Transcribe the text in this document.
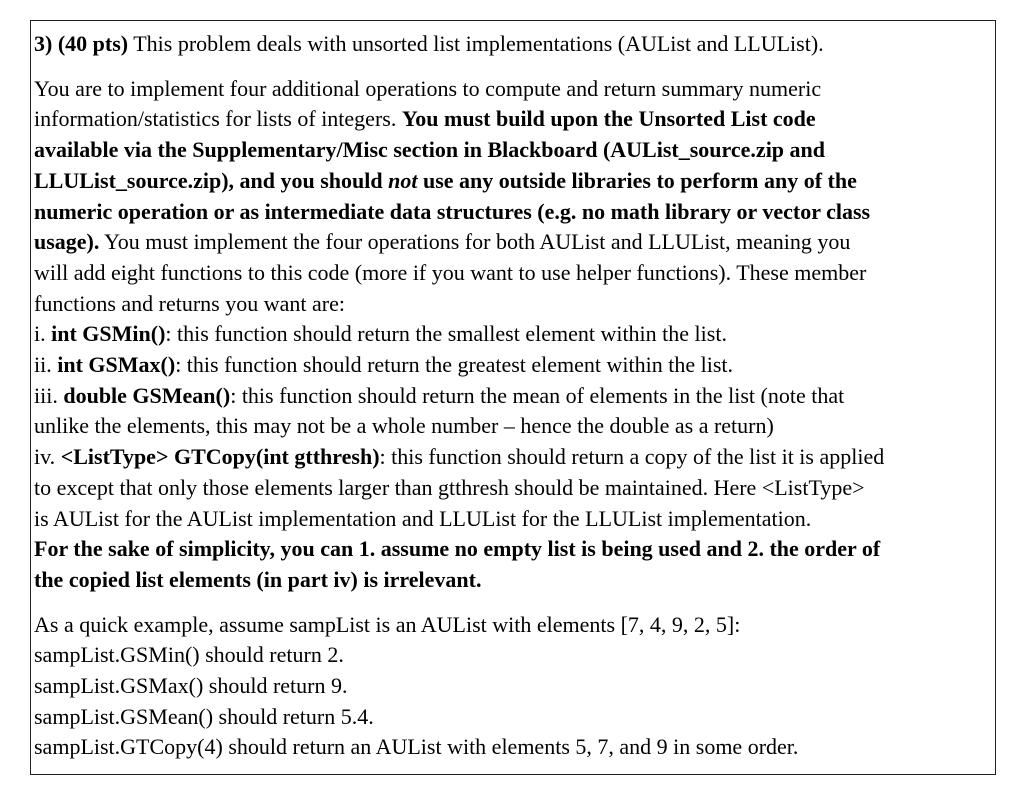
3) (40 pts) This problem deals with unsorted list implementations (AUList and LLUList).

You are to implement four additional operations to compute and return summary numeric
information/statistics for lists of integers. You must build upon the Unsorted List code
available via the Supplementary/Misc section in Blackboard (AUList_source.zip and
LLUList_source.zip), and you should not use any outside libraries to perform any of the
numeric operation or as intermediate data structures (e.g. no math library or vector class
usage). You must implement the four operations for both AUList and LLUList, meaning you
will add eight functions to this code (more if you want to use helper functions). These member
functions and returns you want are:
i. int GSMin(): this function should return the smallest element within the list.
ii. int GSMax(): this function should return the greatest element within the list.
iii. double GSMean(): this function should return the mean of elements in the list (note that
unlike the elements, this may not be a whole number – hence the double as a return)
iv. <ListType> GTCopy(int gtthresh): this function should return a copy of the list it is applied
to except that only those elements larger than gtthresh should be maintained. Here <ListType>
is AUList for the AUList implementation and LLUList for the LLUList implementation.
For the sake of simplicity, you can 1. assume no empty list is being used and 2. the order of
the copied list elements (in part iv) is irrelevant.
As a quick example, assume sampList is an AUList with elements [7, 4, 9, 2, 5]:
sampList.GSMin() should return 2.
sampList.GSMax() should return 9.
sampList.GSMean() should return 5.4.
sampList.GTCopy(4) should return an AUList with elements 5, 7, and 9 in some order.
